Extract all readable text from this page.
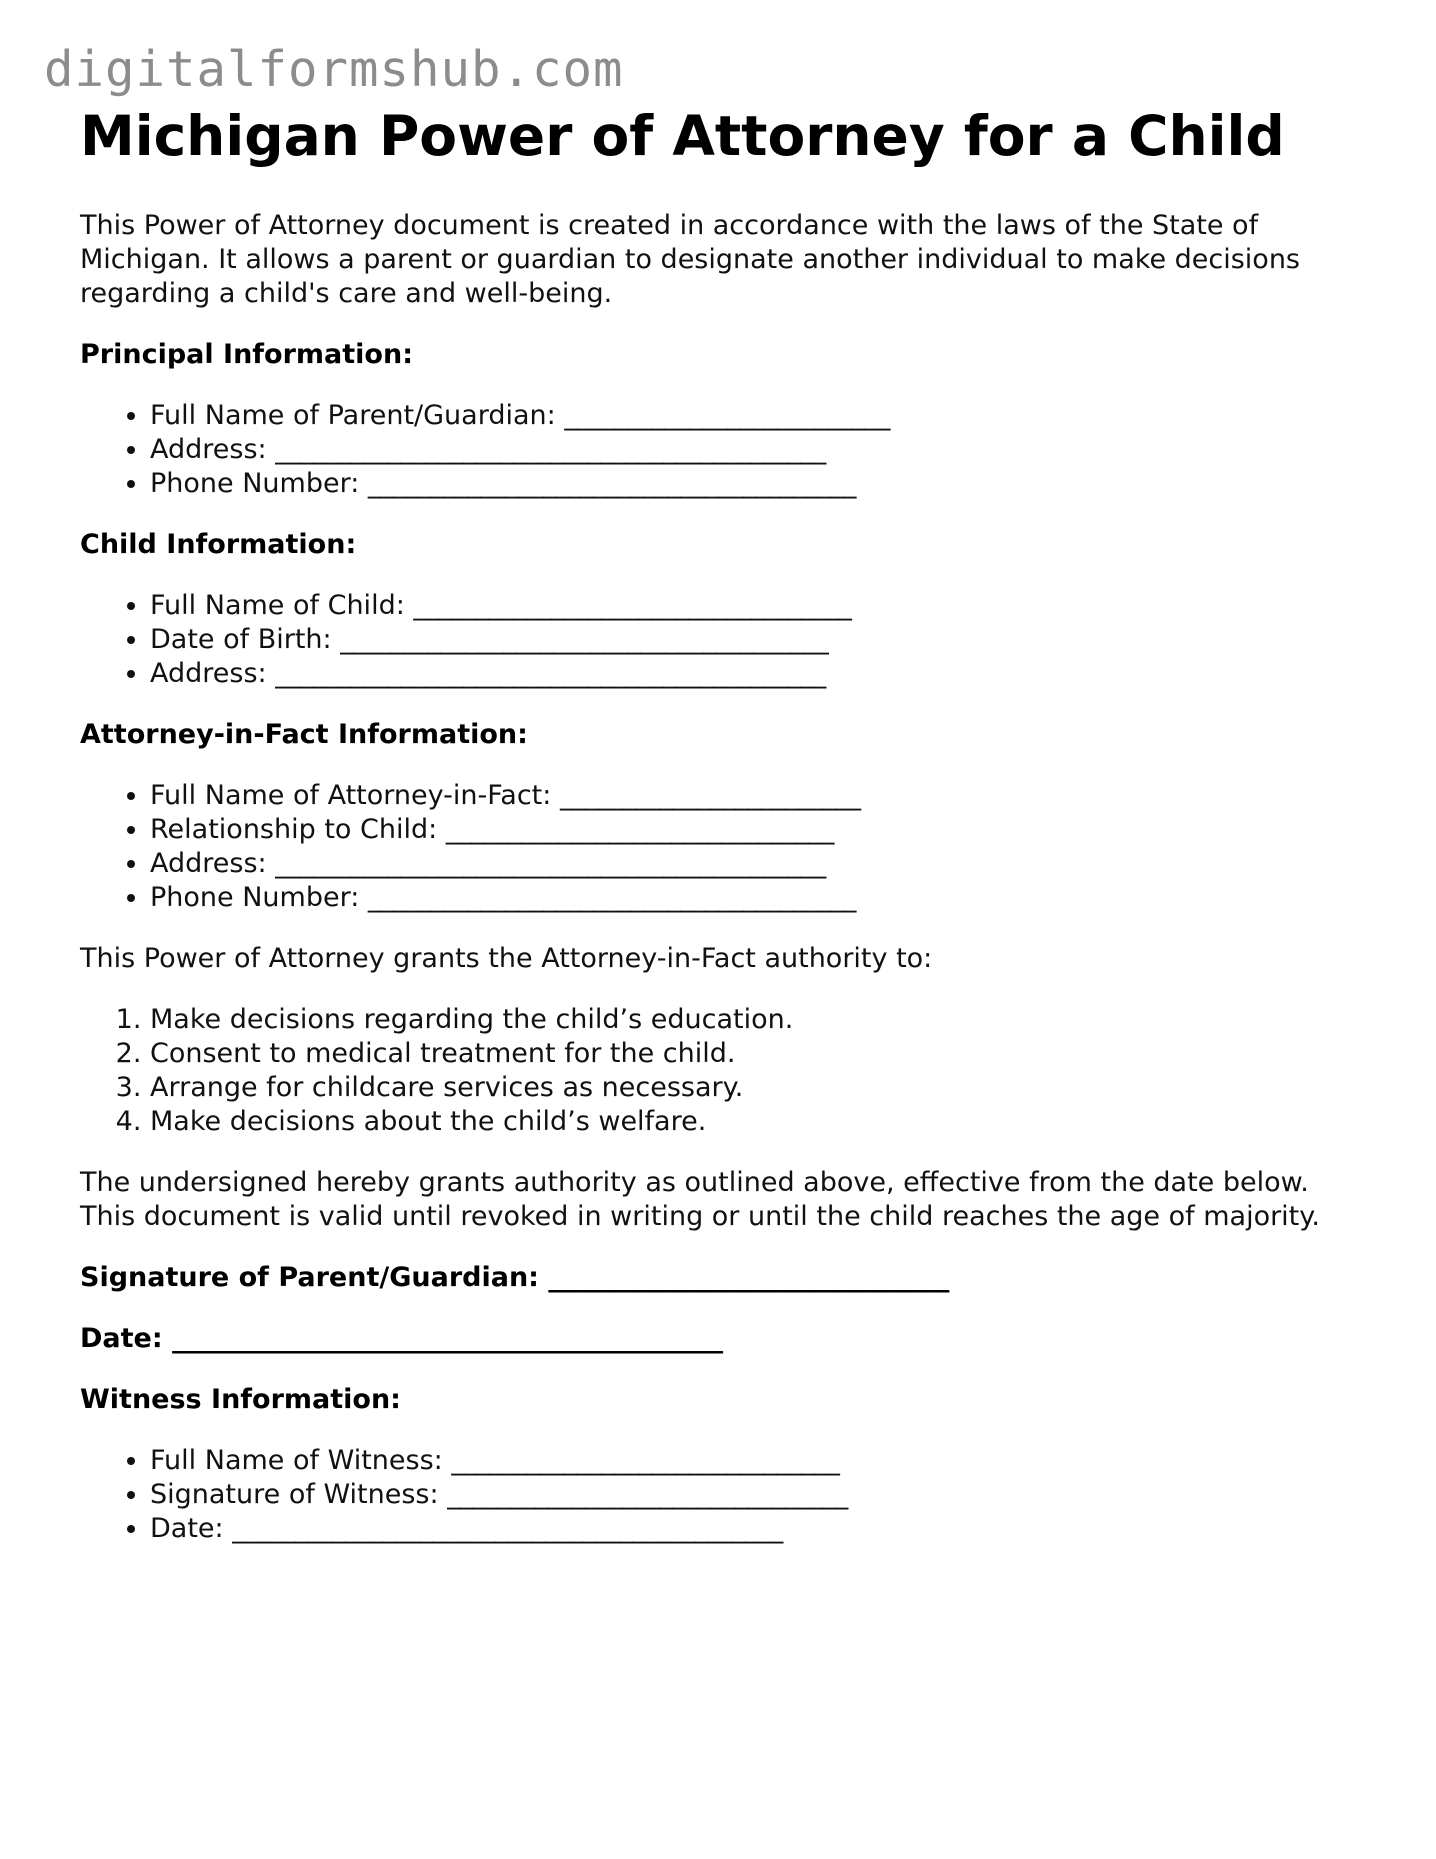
digitalformshub.com
Michigan Power of Attorney for a Child

This Power of Attorney document is created in accordance with the laws of the State of Michigan. It allows a parent or guardian to designate another individual to make decisions regarding a child's care and well-being.

Principal Information:

• Full Name of Parent/Guardian: __________________________
• Address: ____________________________________________
• Phone Number: _______________________________________

Child Information:

• Full Name of Child: ___________________________________
• Date of Birth: _______________________________________
• Address: ____________________________________________

Attorney-in-Fact Information:

• Full Name of Attorney-in-Fact: ________________________
• Relationship to Child: _______________________________
• Address: ____________________________________________
• Phone Number: _______________________________________

This Power of Attorney grants the Attorney-in-Fact authority to:

1. Make decisions regarding the child’s education.
2. Consent to medical treatment for the child.
3. Arrange for childcare services as necessary.
4. Make decisions about the child’s welfare.

The undersigned hereby grants authority as outlined above, effective from the date below. This document is valid until revoked in writing or until the child reaches the age of majority.

Signature of Parent/Guardian: ________________________________

Date: ____________________________________________

Witness Information:

• Full Name of Witness: _______________________________
• Signature of Witness: ________________________________
• Date: ____________________________________________
